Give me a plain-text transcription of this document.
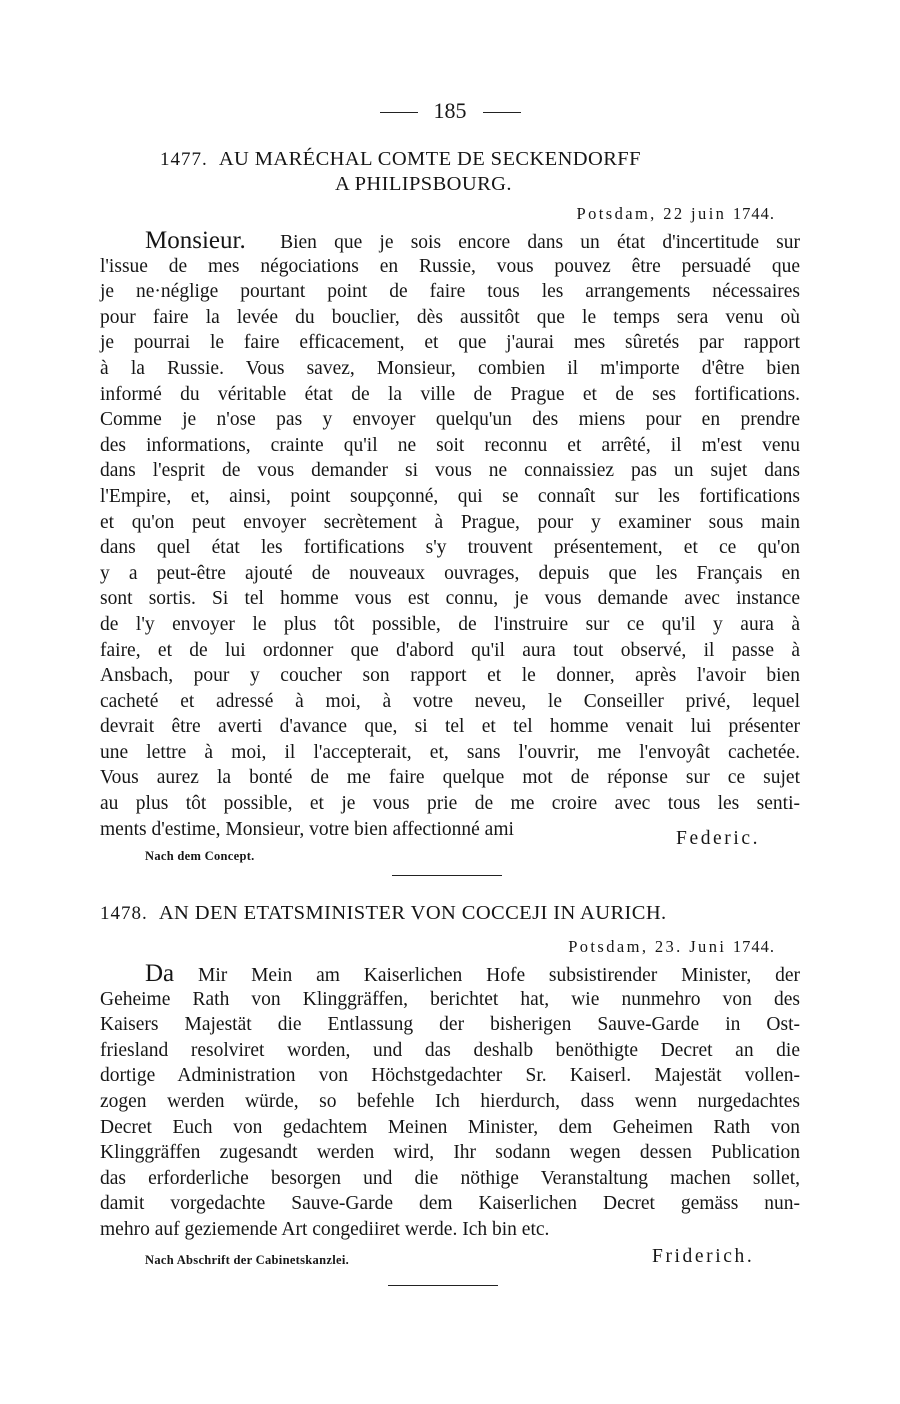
185
1477. AU MARÉCHAL COMTE DE SECKENDORFF
A PHILIPSBOURG.
Potsdam, 22 juin 1744.
Monsieur. Bien que je sois encore dans un état d'incertitude sur
l'issue de mes négociations en Russie, vous pouvez être persuadé que
je ne·néglige pourtant point de faire tous les arrangements nécessaires
pour faire la levée du bouclier, dès aussitôt que le temps sera venu où
je pourrai le faire efficacement, et que j'aurai mes sûretés par rapport
à la Russie. Vous savez, Monsieur, combien il m'importe d'être bien
informé du véritable état de la ville de Prague et de ses fortifications.
Comme je n'ose pas y envoyer quelqu'un des miens pour en prendre
des informations, crainte qu'il ne soit reconnu et arrêté, il m'est venu
dans l'esprit de vous demander si vous ne connaissiez pas un sujet dans
l'Empire, et, ainsi, point soupçonné, qui se connaît sur les fortifications
et qu'on peut envoyer secrètement à Prague, pour y examiner sous main
dans quel état les fortifications s'y trouvent présentement, et ce qu'on
y a peut-être ajouté de nouveaux ouvrages, depuis que les Français en
sont sortis. Si tel homme vous est connu, je vous demande avec instance
de l'y envoyer le plus tôt possible, de l'instruire sur ce qu'il y aura à
faire, et de lui ordonner que d'abord qu'il aura tout observé, il passe à
Ansbach, pour y coucher son rapport et le donner, après l'avoir bien
cacheté et adressé à moi, à votre neveu, le Conseiller privé, lequel
devrait être averti d'avance que, si tel et tel homme venait lui présenter
une lettre à moi, il l'accepterait, et, sans l'ouvrir, me l'envoyât cachetée.
Vous aurez la bonté de me faire quelque mot de réponse sur ce sujet
au plus tôt possible, et je vous prie de me croire avec tous les senti-
ments d'estime, Monsieur, votre bien affectionné ami	Federic.
Nach dem Concept.
1478. AN DEN ETATSMINISTER VON COCCEJI IN AURICH.
Potsdam, 23. Juni 1744.
Da Mir Mein am Kaiserlichen Hofe subsistirender Minister, der
Geheime Rath von Klinggräffen, berichtet hat, wie nunmehro von des
Kaisers Majestät die Entlassung der bisherigen Sauve-Garde in Ost-
friesland resolviret worden, und das deshalb benöthigte Decret an die
dortige Administration von Höchstgedachter Sr. Kaiserl. Majestät vollen-
zogen werden würde, so befehle Ich hierdurch, dass wenn nurgedachtes
Decret Euch von gedachtem Meinen Minister, dem Geheimen Rath von
Klinggräffen zugesandt werden wird, Ihr sodann wegen dessen Publication
das erforderliche besorgen und die nöthige Veranstaltung machen sollet,
damit vorgedachte Sauve-Garde dem Kaiserlichen Decret gemäss nun-
mehro auf geziemende Art congediiret werde. Ich bin etc.
Nach Abschrift der Cabinetskanzlei.	Friderich.
